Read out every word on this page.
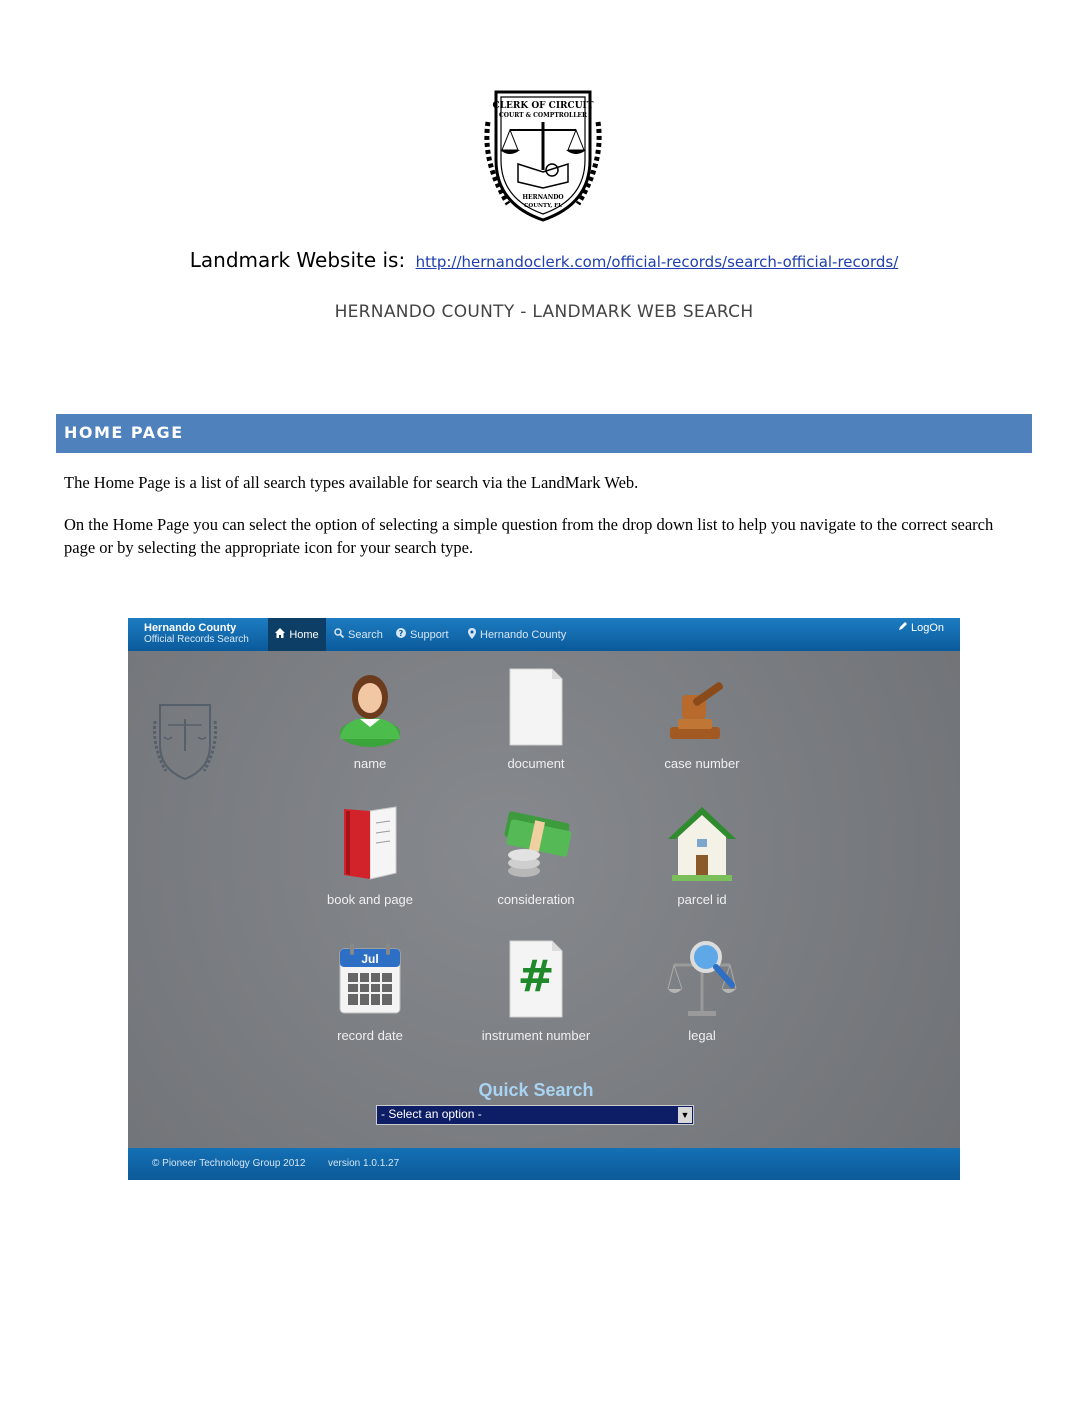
CLERK OF CIRCUIT
COURT & COMPTROLLER
HERNANDO
COUNTY, FL
Landmark Website is: http://hernandoclerk.com/official-records/search-official-records/
HERNANDO COUNTY - LANDMARK WEB SEARCH
HOME PAGE
The Home Page is a list of all search types available for search via the LandMark Web.
On the Home Page you can select the option of selecting a simple question from the drop down list to help you navigate to the correct search page or by selecting the appropriate icon for your search type.
Hernando County
Official Records Search	Home	Search ? Support	Hernando County
LogOn
name	document	case number
book and page	consideration	parcel id
Jul
record date
#
instrument number	legal
Quick Search
- Select an option -	▼
© Pioneer Technology Group 2012 version 1.0.1.27
